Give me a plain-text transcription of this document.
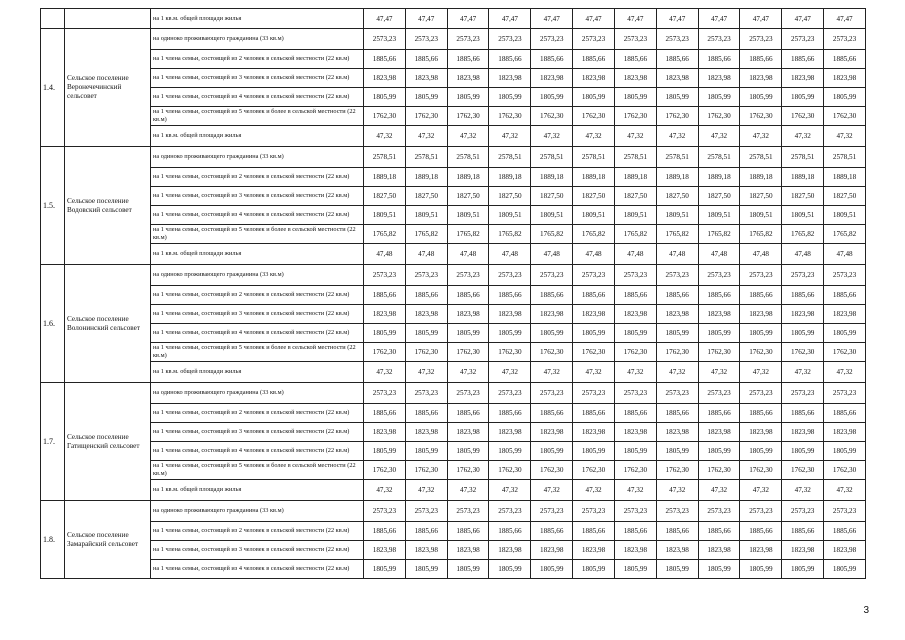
		на 1 кв.м. общей площади жилья	47,47	47,47	47,47	47,47	47,47	47,47	47,47	47,47	47,47	47,47	47,47	47,47
1.4.	Сельское поселение Веронечечинский сельсовет	на одиноко проживающего гражданина (33 кв.м)	2573,23	2573,23	2573,23	2573,23	2573,23	2573,23	2573,23	2573,23	2573,23	2573,23	2573,23	2573,23
		на 1 члена семьи, состоящей из 2 человек в сельской местности (22 кв.м)	1885,66	1885,66	1885,66	1885,66	1885,66	1885,66	1885,66	1885,66	1885,66	1885,66	1885,66	1885,66
		на 1 члена семьи, состоящей из 3 человек в сельской местности (22 кв.м)	1823,98	1823,98	1823,98	1823,98	1823,98	1823,98	1823,98	1823,98	1823,98	1823,98	1823,98	1823,98
		на 1 члена семьи, состоящей из 4 человек в сельской местности (22 кв.м)	1805,99	1805,99	1805,99	1805,99	1805,99	1805,99	1805,99	1805,99	1805,99	1805,99	1805,99	1805,99
		на 1 члена семьи, состоящей из 5 человек и более в сельской местности (22 кв.м)	1762,30	1762,30	1762,30	1762,30	1762,30	1762,30	1762,30	1762,30	1762,30	1762,30	1762,30	1762,30
		на 1 кв.м. общей площади жилья	47,32	47,32	47,32	47,32	47,32	47,32	47,32	47,32	47,32	47,32	47,32	47,32
1.5.	Сельское поселение Водовский сельсовет	на одиноко проживающего гражданина (33 кв.м)	2578,51	2578,51	2578,51	2578,51	2578,51	2578,51	2578,51	2578,51	2578,51	2578,51	2578,51	2578,51
		на 1 члена семьи, состоящей из 2 человек в сельской местности (22 кв.м)	1889,18	1889,18	1889,18	1889,18	1889,18	1889,18	1889,18	1889,18	1889,18	1889,18	1889,18	1889,18
		на 1 члена семьи, состоящей из 3 человек в сельской местности (22 кв.м)	1827,50	1827,50	1827,50	1827,50	1827,50	1827,50	1827,50	1827,50	1827,50	1827,50	1827,50	1827,50
		на 1 члена семьи, состоящей из 4 человек в сельской местности (22 кв.м)	1809,51	1809,51	1809,51	1809,51	1809,51	1809,51	1809,51	1809,51	1809,51	1809,51	1809,51	1809,51
		на 1 члена семьи, состоящей из 5 человек и более в сельской местности (22 кв.м)	1765,82	1765,82	1765,82	1765,82	1765,82	1765,82	1765,82	1765,82	1765,82	1765,82	1765,82	1765,82
		на 1 кв.м. общей площади жилья	47,48	47,48	47,48	47,48	47,48	47,48	47,48	47,48	47,48	47,48	47,48	47,48
1.6.	Сельское поселение Волонинский сельсовет	на одиноко проживающего гражданина (33 кв.м)	2573,23	2573,23	2573,23	2573,23	2573,23	2573,23	2573,23	2573,23	2573,23	2573,23	2573,23	2573,23
		на 1 члена семьи, состоящей из 2 человек в сельской местности (22 кв.м)	1885,66	1885,66	1885,66	1885,66	1885,66	1885,66	1885,66	1885,66	1885,66	1885,66	1885,66	1885,66
		на 1 члена семьи, состоящей из 3 человек в сельской местности (22 кв.м)	1823,98	1823,98	1823,98	1823,98	1823,98	1823,98	1823,98	1823,98	1823,98	1823,98	1823,98	1823,98
		на 1 члена семьи, состоящей из 4 человек в сельской местности (22 кв.м)	1805,99	1805,99	1805,99	1805,99	1805,99	1805,99	1805,99	1805,99	1805,99	1805,99	1805,99	1805,99
		на 1 члена семьи, состоящей из 5 человек и более в сельской местности (22 кв.м)	1762,30	1762,30	1762,30	1762,30	1762,30	1762,30	1762,30	1762,30	1762,30	1762,30	1762,30	1762,30
		на 1 кв.м. общей площади жилья	47,32	47,32	47,32	47,32	47,32	47,32	47,32	47,32	47,32	47,32	47,32	47,32
1.7.	Сельское поселение Гатищенский сельсовет	на одиноко проживающего гражданина (33 кв.м)	2573,23	2573,23	2573,23	2573,23	2573,23	2573,23	2573,23	2573,23	2573,23	2573,23	2573,23	2573,23
		на 1 члена семьи, состоящей из 2 человек в сельской местности (22 кв.м)	1885,66	1885,66	1885,66	1885,66	1885,66	1885,66	1885,66	1885,66	1885,66	1885,66	1885,66	1885,66
		на 1 члена семьи, состоящей из 3 человек в сельской местности (22 кв.м)	1823,98	1823,98	1823,98	1823,98	1823,98	1823,98	1823,98	1823,98	1823,98	1823,98	1823,98	1823,98
		на 1 члена семьи, состоящей из 4 человек в сельской местности (22 кв.м)	1805,99	1805,99	1805,99	1805,99	1805,99	1805,99	1805,99	1805,99	1805,99	1805,99	1805,99	1805,99
		на 1 члена семьи, состоящей из 5 человек и более в сельской местности (22 кв.м)	1762,30	1762,30	1762,30	1762,30	1762,30	1762,30	1762,30	1762,30	1762,30	1762,30	1762,30	1762,30
		на 1 кв.м. общей площади жилья	47,32	47,32	47,32	47,32	47,32	47,32	47,32	47,32	47,32	47,32	47,32	47,32
1.8.	Сельское поселение Замарайский сельсовет	на одиноко проживающего гражданина (33 кв.м)	2573,23	2573,23	2573,23	2573,23	2573,23	2573,23	2573,23	2573,23	2573,23	2573,23	2573,23	2573,23
		на 1 члена семьи, состоящей из 2 человек в сельской местности (22 кв.м)	1885,66	1885,66	1885,66	1885,66	1885,66	1885,66	1885,66	1885,66	1885,66	1885,66	1885,66	1885,66
		на 1 члена семьи, состоящей из 3 человек в сельской местности (22 кв.м)	1823,98	1823,98	1823,98	1823,98	1823,98	1823,98	1823,98	1823,98	1823,98	1823,98	1823,98	1823,98
		на 1 члена семьи, состоящей из 4 человек в сельской местности (22 кв.м)	1805,99	1805,99	1805,99	1805,99	1805,99	1805,99	1805,99	1805,99	1805,99	1805,99	1805,99	1805,99
3
